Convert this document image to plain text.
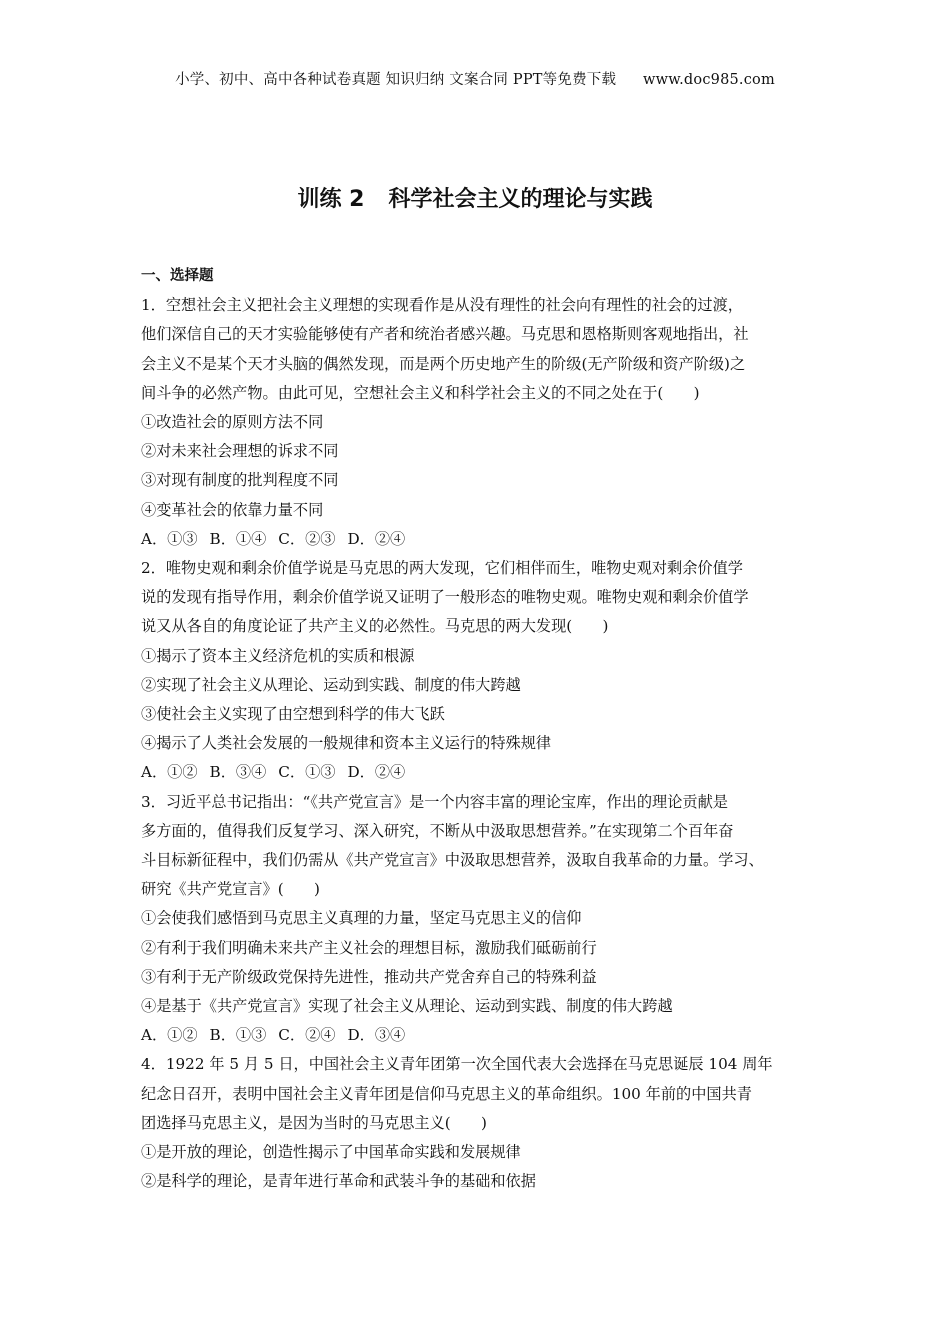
小学、初中、高中各种试卷真题 知识归纳 文案合同 PPT等免费下载 www.doc985.com
训练 2 科学社会主义的理论与实践
一、选择题
1．空想社会主义把社会主义理想的实现看作是从没有理性的社会向有理性的社会的过渡，
他们深信自己的天才实验能够使有产者和统治者感兴趣。马克思和恩格斯则客观地指出，社
会主义不是某个天才头脑的偶然发现，而是两个历史地产生的阶级(无产阶级和资产阶级)之
间斗争的必然产物。由此可见，空想社会主义和科学社会主义的不同之处在于(　　)
①改造社会的原则方法不同
②对未来社会理想的诉求不同
③对现有制度的批判程度不同
④变革社会的依靠力量不同
A．①③ B．①④ C．②③ D．②④
2．唯物史观和剩余价值学说是马克思的两大发现，它们相伴而生，唯物史观对剩余价值学
说的发现有指导作用，剩余价值学说又证明了一般形态的唯物史观。唯物史观和剩余价值学
说又从各自的角度论证了共产主义的必然性。马克思的两大发现(　　)
①揭示了资本主义经济危机的实质和根源
②实现了社会主义从理论、运动到实践、制度的伟大跨越
③使社会主义实现了由空想到科学的伟大飞跃
④揭示了人类社会发展的一般规律和资本主义运行的特殊规律
A．①② B．③④ C．①③ D．②④
3．习近平总书记指出：“《共产党宣言》是一个内容丰富的理论宝库，作出的理论贡献是
多方面的，值得我们反复学习、深入研究，不断从中汲取思想营养。”在实现第二个百年奋
斗目标新征程中，我们仍需从《共产党宣言》中汲取思想营养，汲取自我革命的力量。学习、
研究《共产党宣言》(　　)
①会使我们感悟到马克思主义真理的力量，坚定马克思主义的信仰
②有利于我们明确未来共产主义社会的理想目标，激励我们砥砺前行
③有利于无产阶级政党保持先进性，推动共产党舍弃自己的特殊利益
④是基于《共产党宣言》实现了社会主义从理论、运动到实践、制度的伟大跨越
A．①② B．①③ C．②④ D．③④
4．1922 年 5 月 5 日，中国社会主义青年团第一次全国代表大会选择在马克思诞辰 104 周年
纪念日召开，表明中国社会主义青年团是信仰马克思主义的革命组织。100 年前的中国共青
团选择马克思主义，是因为当时的马克思主义(　　)
①是开放的理论，创造性揭示了中国革命实践和发展规律
②是科学的理论，是青年进行革命和武装斗争的基础和依据
